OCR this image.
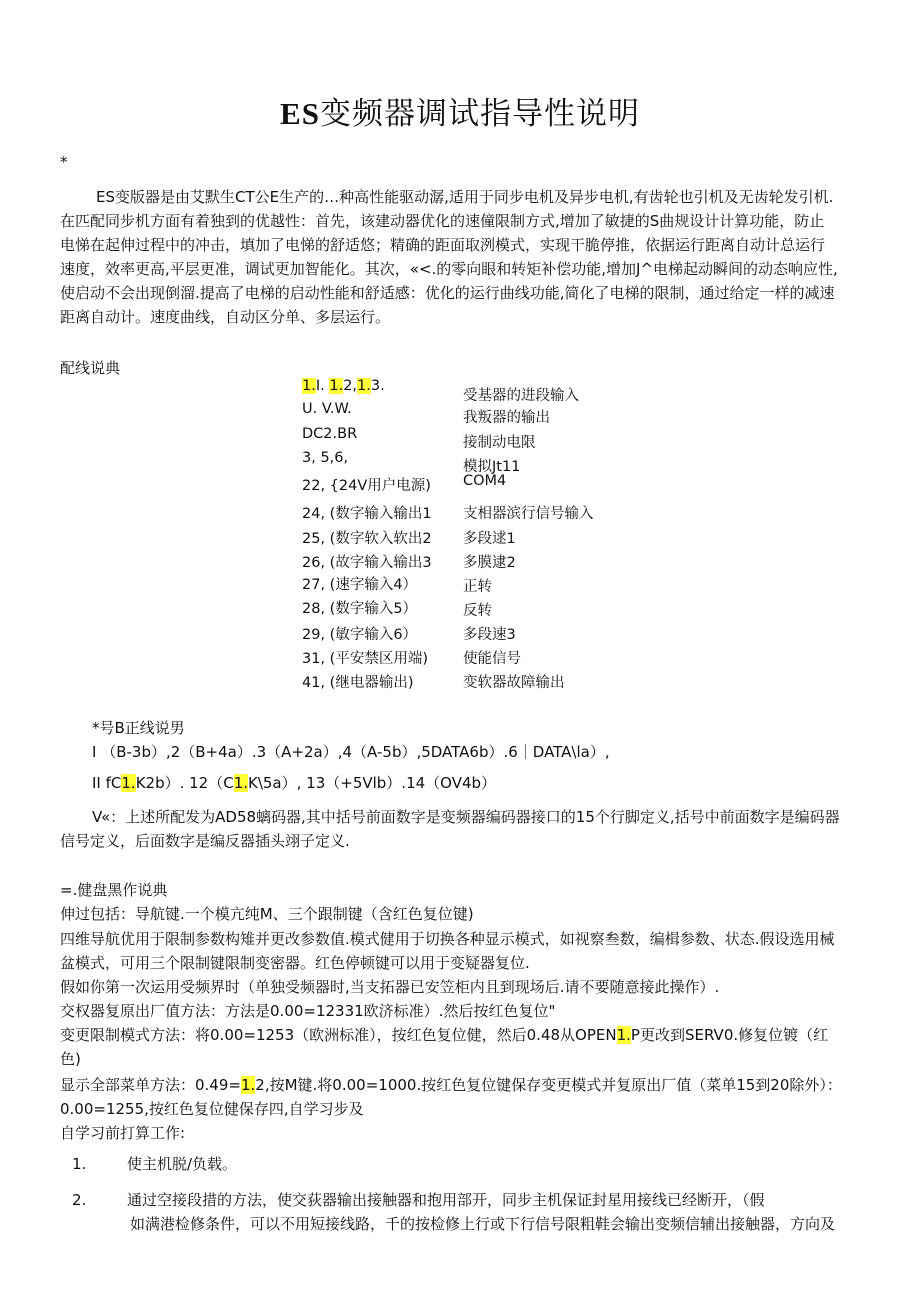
ES变频器调试指导性说明
*
ES变版器是由艾默生CT公E生产的…种高性能驱动潺,适用于同步电机及异步电机,有齿轮也引机及无齿轮发引机.
在匹配同步机方面有着独到的优越性：首先，该建动器优化的速僮限制方式,增加了敏捷的S曲规设计计算功能，防止
电悌在起伸过程中的冲击，填加了电悌的舒适悠；精确的距面取洌模式，实现干脆停推，依据运行距离自动计总运行
速度，效率更高,平层更准，调试更加智能化。其次，«<.的零向眼和转矩补偿功能,增加J^电梯起动瞬间的动态响应性,
使启动不会出现倒溜.提高了电梯的启动性能和舒适感：优化的运行曲线功能,简化了电梯的限制，通过给定一样的减速
距离自动计。速度曲线，自动区分单、多层运行。
配线说典
1.I. 1.2,1.3.
U. V.W.
DC2.BR
3, 5,6,
22, {24V用户电源)
24, (数字输入输出1
25, (数字软入软出2
26, (故字输入输出3
27, (速字输入4）
28, (数字输入5）
29, (敏字输入6）
31, (平安禁区用端)
41, (继电器输出)
受基器的进段输入
我叛器的输出
接制动电限
模拟Jt11
COM4
支相器滨行信号输入
多段逑1
多膜逮2
正转
反转
多段速3
使能信号
变软器故障输出
*号B正线说男
I （B-3b）,2（B+4a）.3（A+2a）,4（A-5b）,5DATA6b）.6｜DATA\la）,
II fC1.K2b）. 12（C1.K\5a）, 13（+5Vlb）.14（OV4b）
V«：上述所配发为AD58螭码器,其中括号前面数字是变频器编码器接口的15个行脚定义,括号中前面数字是编码器
信号定义，后面数字是编反器插头翊子定义.
=.健盘黑作说典
伸过包括：导航键.一个模亢纯M、三个跟制键（含红色复位键)
四维导航优用于限制参数构雉并更改参数值.模式健用于切换各种显示模式，如视察叁数，编楫参数、状态.假设选用械
盆模式，可用三个限制键限制变密器。红色停顿键可以用于变疑器复位.
假如你第一次运用受频界时（单独受频器时,当支拓器已安笠柜内且到现场后.请不要随意接此操作）.
交权器复原出厂值方法：方法是0.00=12331欧济标准）.然后按红色复位"
变更限制模式方法：将0.00=1253（欧洲标准），按红色复位健，然后0.48从OPEN1.P更改到SERV0.修复位镀（红
色)
显示全部菜单方法：0.49=1.2,按M键.将0.00=1000.按红色复位键保存变更模式并复原出厂值（菜单15到20除外）：
0.00=1255,按红色复位健保存四,自学习步及
自学习前打算工作:
1.	使主机脱/负载。
2.	通过空接段措的方法，使交荻器输出接触器和抱用部开，同步主机保证封星用接线已经断开，（假
如满港检修条件，可以不用短接线路，千的按检修上行或下行信号限粗鞋会输出变频信辅出接触器，方向及
